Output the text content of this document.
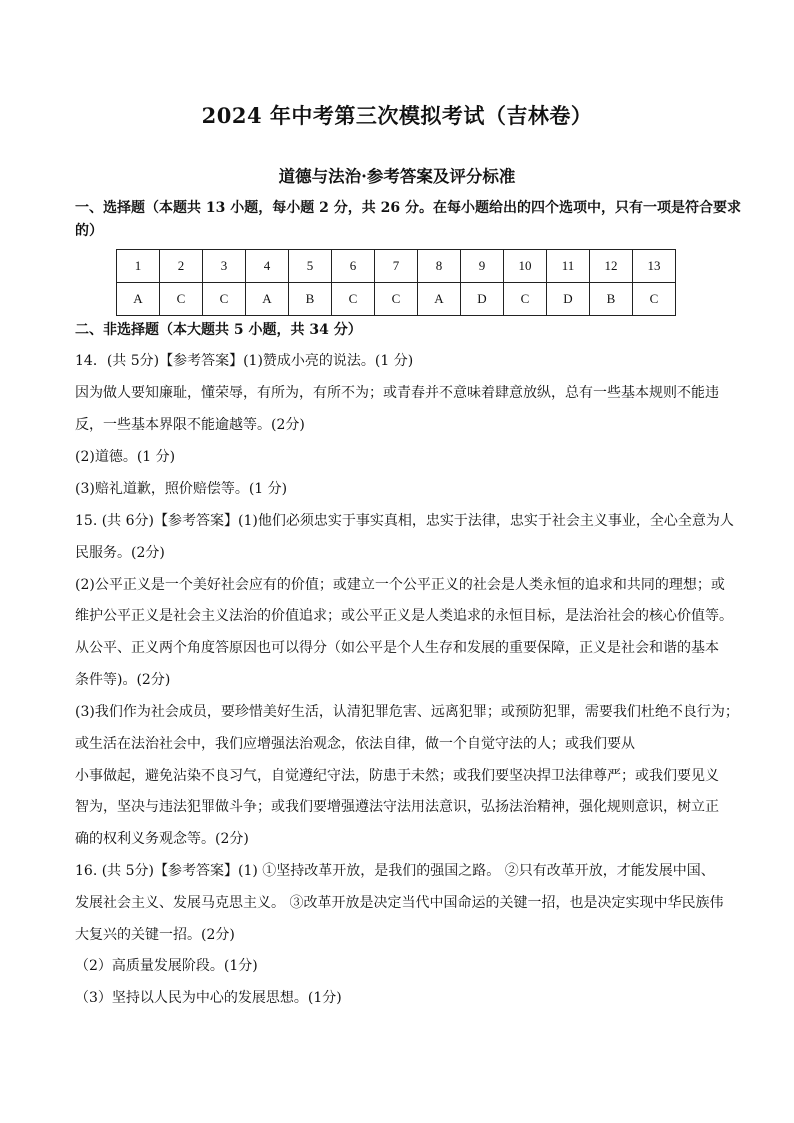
2024 年中考第三次模拟考试（吉林卷）
道德与法治·参考答案及评分标准
一、选择题（本题共 13 小题，每小题 2 分，共 26 分。在每小题给出的四个选项中，只有一项是符合要求
的）
1	2	3	4	5	6	7	8	9	10	11	12	13
A	C	C	A	B	C	C	A	D	C	D	B	C
二、非选择题（本大题共 5 小题，共 34 分）
14．(共 5分)【参考答案】(1)赞成小亮的说法。(1 分)
因为做人要知廉耻，懂荣辱，有所为，有所不为；或青春并不意味着肆意放纵，总有一些基本规则不能违
反，一些基本界限不能逾越等。(2分)
(2)道德。(1 分)
(3)赔礼道歉，照价赔偿等。(1 分)
15. (共 6分)【参考答案】(1)他们必须忠实于事实真相，忠实于法律，忠实于社会主义事业，全心全意为人
民服务。(2分)
(2)公平正义是一个美好社会应有的价值；或建立一个公平正义的社会是人类永恒的追求和共同的理想；或
维护公平正义是社会主义法治的价值追求；或公平正义是人类追求的永恒目标，是法治社会的核心价值等。
从公平、正义两个角度答原因也可以得分（如公平是个人生存和发展的重要保障，正义是社会和谐的基本
条件等)。(2分)
(3)我们作为社会成员，要珍惜美好生活，认清犯罪危害、远离犯罪；或预防犯罪，需要我们杜绝不良行为；
或生活在法治社会中，我们应增强法治观念，依法自律，做一个自觉守法的人；或我们要从
小事做起，避免沾染不良习气，自觉遵纪守法，防患于未然；或我们要坚决捍卫法律尊严；或我们要见义
智为，坚决与违法犯罪做斗争；或我们要增强遵法守法用法意识，弘扬法治精神，强化规则意识，树立正
确的权利义务观念等。(2分)
16. (共 5分)【参考答案】(1) ①坚持改革开放，是我们的强国之路。 ②只有改革开放，才能发展中国、
发展社会主义、发展马克思主义。 ③改革开放是决定当代中国命运的关键一招，也是决定实现中华民族伟
大复兴的关键一招。(2分)
（2）高质量发展阶段。(1分)
（3）坚持以人民为中心的发展思想。(1分)
